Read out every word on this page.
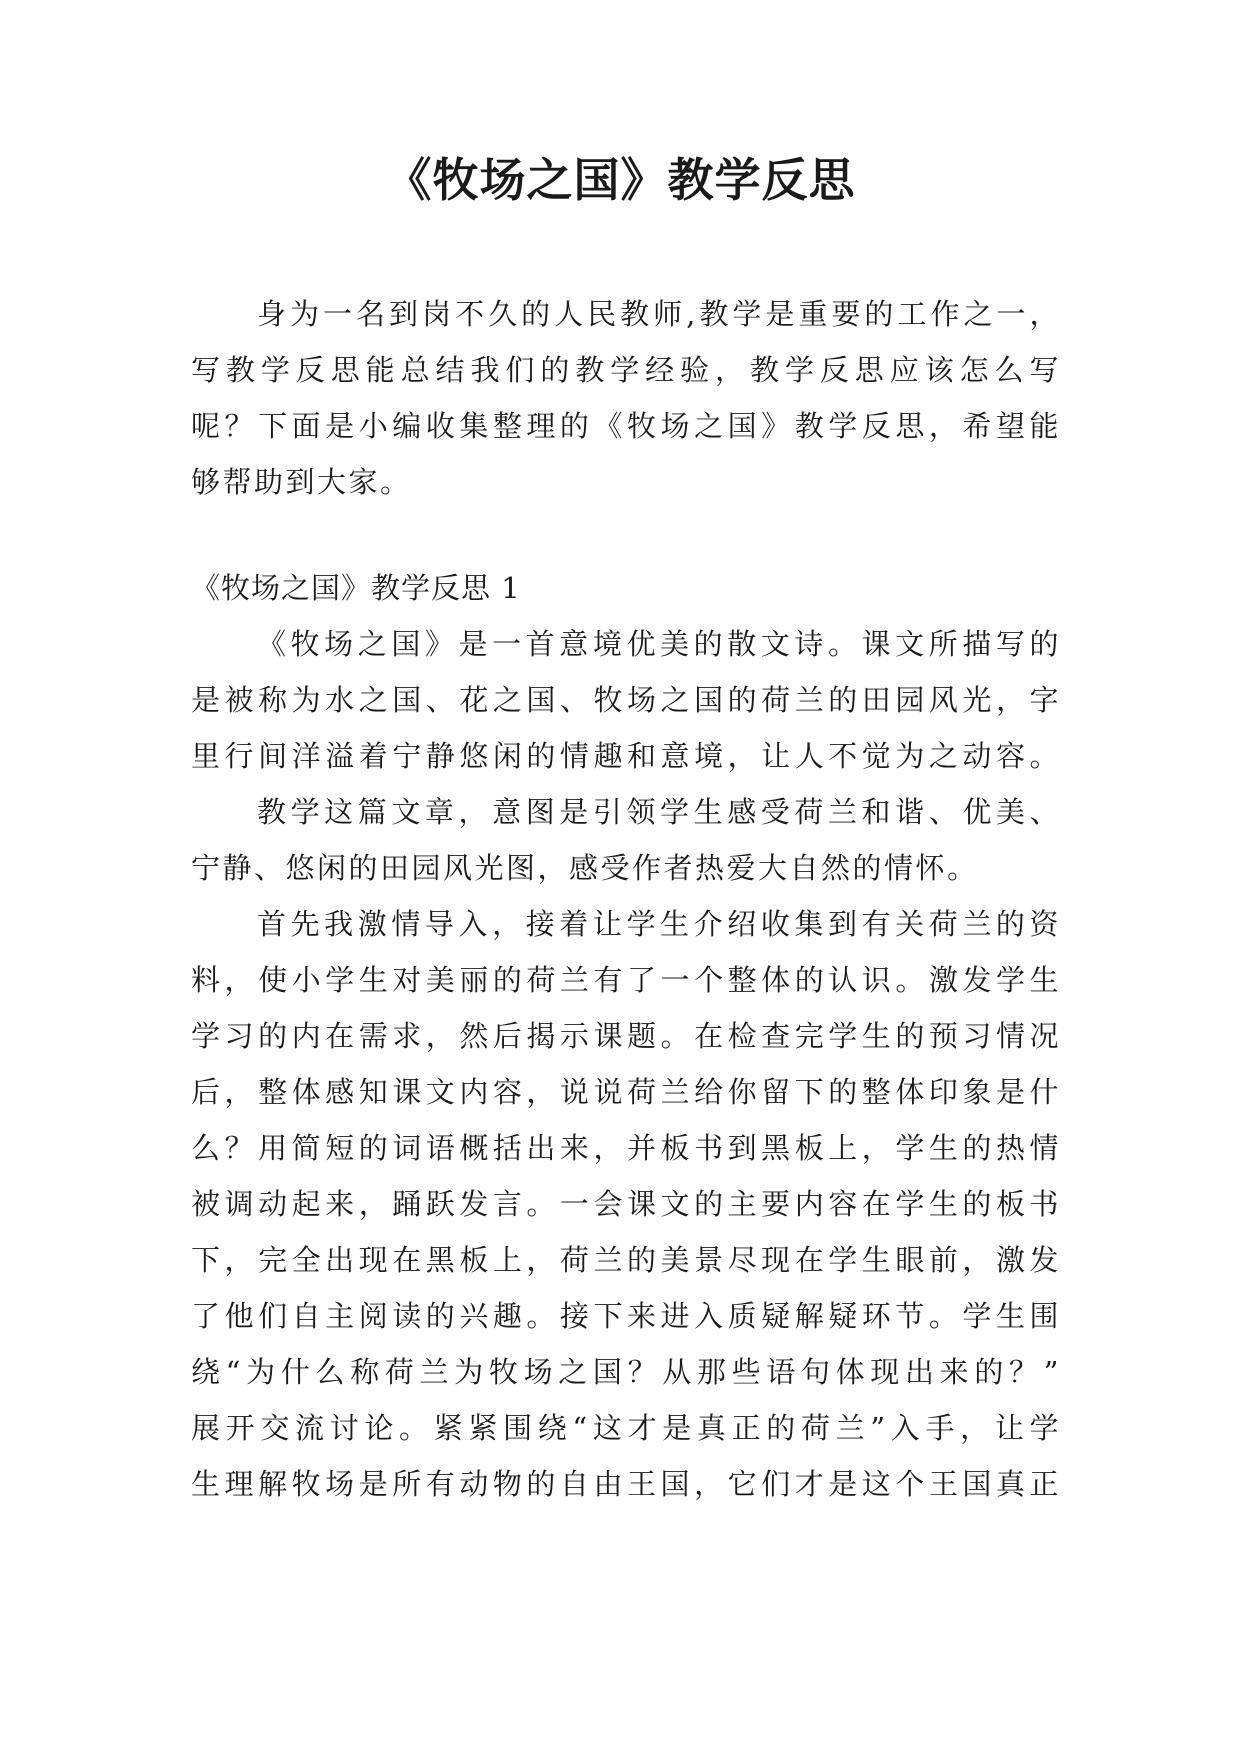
《牧场之国》教学反思
身为一名到岗不久的人民教师,教学是重要的工作之一，
写教学反思能总结我们的教学经验，教学反思应该怎么写
呢？下面是小编收集整理的《牧场之国》教学反思，希望能
够帮助到大家。
《牧场之国》教学反思 1
《牧场之国》是一首意境优美的散文诗。课文所描写的
是被称为水之国、花之国、牧场之国的荷兰的田园风光，字
里行间洋溢着宁静悠闲的情趣和意境，让人不觉为之动容。
教学这篇文章，意图是引领学生感受荷兰和谐、优美、
宁静、悠闲的田园风光图，感受作者热爱大自然的情怀。
首先我激情导入，接着让学生介绍收集到有关荷兰的资
料，使小学生对美丽的荷兰有了一个整体的认识。激发学生
学习的内在需求，然后揭示课题。在检查完学生的预习情况
后，整体感知课文内容，说说荷兰给你留下的整体印象是什
么？用简短的词语概括出来，并板书到黑板上，学生的热情
被调动起来，踊跃发言。一会课文的主要内容在学生的板书
下，完全出现在黑板上，荷兰的美景尽现在学生眼前，激发
了他们自主阅读的兴趣。接下来进入质疑解疑环节。学生围
绕“为什么称荷兰为牧场之国？从那些语句体现出来的？”
展开交流讨论。紧紧围绕“这才是真正的荷兰”入手，让学
生理解牧场是所有动物的自由王国，它们才是这个王国真正
